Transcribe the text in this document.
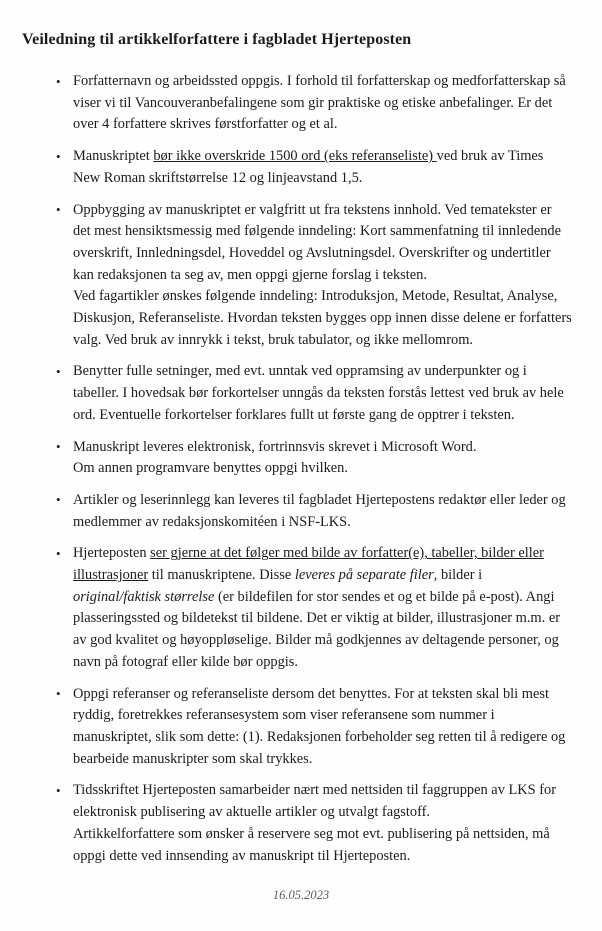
Veiledning til artikkelforfattere i fagbladet Hjerteposten
• Forfatternavn og arbeidssted oppgis. I forhold til forfatterskap og medforfatterskap så
viser vi til Vancouveranbefalingene som gir praktiske og etiske anbefalinger. Er det
over 4 forfattere skrives førstforfatter og et al.
• Manuskriptet bør ikke overskride 1500 ord (eks referanseliste) ved bruk av Times
New Roman skriftstørrelse 12 og linjeavstand 1,5.
• Oppbygging av manuskriptet er valgfritt ut fra tekstens innhold. Ved tematekster er
det mest hensiktsmessig med følgende inndeling: Kort sammenfatning til innledende
overskrift, Innledningsdel, Hoveddel og Avslutningsdel. Overskrifter og undertitler
kan redaksjonen ta seg av, men oppgi gjerne forslag i teksten.
Ved fagartikler ønskes følgende inndeling: Introduksjon, Metode, Resultat, Analyse,
Diskusjon, Referanseliste. Hvordan teksten bygges opp innen disse delene er forfatters
valg. Ved bruk av innrykk i tekst, bruk tabulator, og ikke mellomrom.
• Benytter fulle setninger, med evt. unntak ved oppramsing av underpunkter og i
tabeller. I hovedsak bør forkortelser unngås da teksten forstås lettest ved bruk av hele
ord. Eventuelle forkortelser forklares fullt ut første gang de opptrer i teksten.
• Manuskript leveres elektronisk, fortrinnsvis skrevet i Microsoft Word.
Om annen programvare benyttes oppgi hvilken.
• Artikler og leserinnlegg kan leveres til fagbladet Hjertepostens redaktør eller leder og
medlemmer av redaksjonskomitéen i NSF-LKS.
• Hjerteposten ser gjerne at det følger med bilde av forfatter(e), tabeller, bilder eller
illustrasjoner til manuskriptene. Disse leveres på separate filer, bilder i
original/faktisk størrelse (er bildefilen for stor sendes et og et bilde på e-post). Angi
plasseringssted og bildetekst til bildene. Det er viktig at bilder, illustrasjoner m.m. er
av god kvalitet og høyoppløselige. Bilder må godkjennes av deltagende personer, og
navn på fotograf eller kilde bør oppgis.
• Oppgi referanser og referanseliste dersom det benyttes. For at teksten skal bli mest
ryddig, foretrekkes referansesystem som viser referansene som nummer i
manuskriptet, slik som dette: (1). Redaksjonen forbeholder seg retten til å redigere og
bearbeide manuskripter som skal trykkes.
• Tidsskriftet Hjerteposten samarbeider nært med nettsiden til faggruppen av LKS for
elektronisk publisering av aktuelle artikler og utvalgt fagstoff.
Artikkelforfattere som ønsker å reservere seg mot evt. publisering på nettsiden, må
oppgi dette ved innsending av manuskript til Hjerteposten.
16.05.2023
